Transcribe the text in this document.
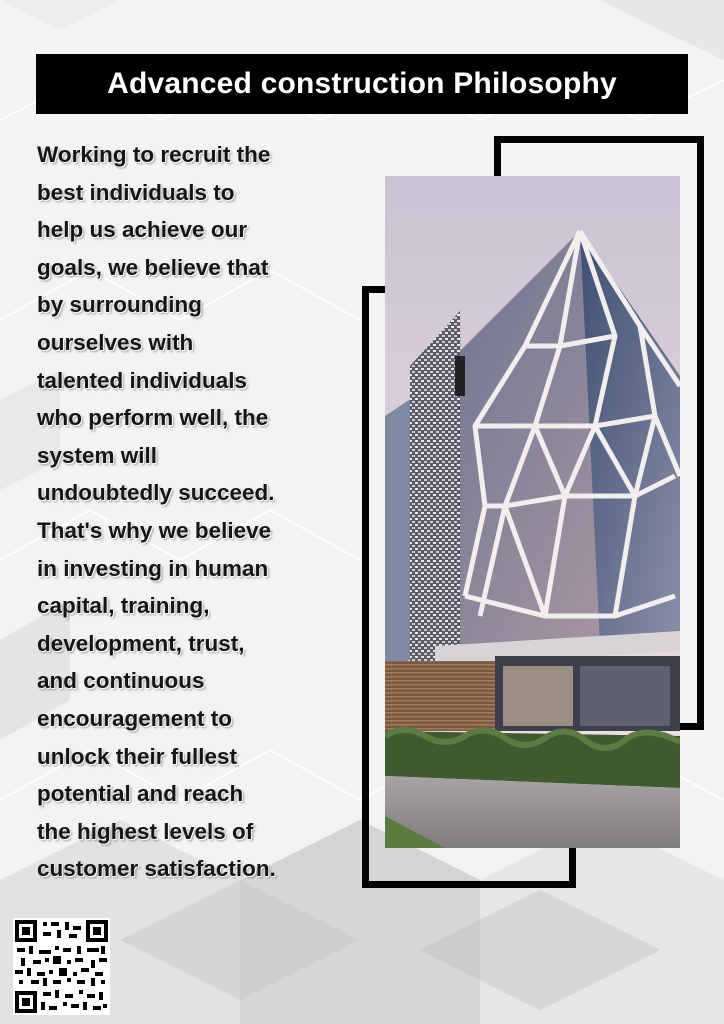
Advanced construction Philosophy
Working to recruit the
best individuals to
help us achieve our
goals, we believe that
by surrounding
ourselves with
talented individuals
who perform well, the
system will
undoubtedly succeed.
That's why we believe
in investing in human
capital, training,
development, trust,
and continuous
encouragement to
unlock their fullest
potential and reach
the highest levels of
customer satisfaction.
